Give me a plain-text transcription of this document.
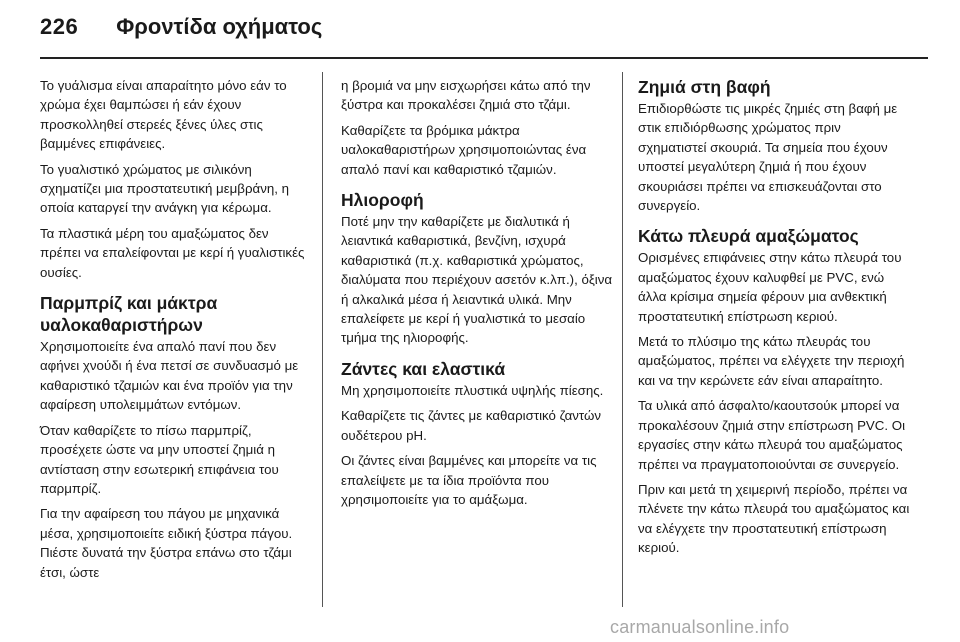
226 Φροντίδα οχήματος

Το γυάλισμα είναι απαραίτητο μόνο εάν το χρώμα έχει θαμπώσει ή εάν έχουν προσκολληθεί στερεές ξένες ύλες στις βαμμένες επιφάνειες.

Το γυαλιστικό χρώματος με σιλικόνη σχηματίζει μια προστατευτική μεμβράνη, η οποία καταργεί την ανάγκη για κέρωμα.

Τα πλαστικά μέρη του αμαξώματος δεν πρέπει να επαλείφονται με κερί ή γυαλιστικές ουσίες.

Παρμπρίζ και μάκτρα υαλοκαθαριστήρων

Χρησιμοποιείτε ένα απαλό πανί που δεν αφήνει χνούδι ή ένα πετσί σε συνδυασμό με καθαριστικό τζαμιών και ένα προϊόν για την αφαίρεση υπολειμμάτων εντόμων.

Όταν καθαρίζετε το πίσω παρμπρίζ, προσέχετε ώστε να μην υποστεί ζημιά η αντίσταση στην εσωτερική επιφάνεια του παρμπρίζ.

Για την αφαίρεση του πάγου με μηχανικά μέσα, χρησιμοποιείτε ειδική ξύστρα πάγου. Πιέστε δυνατά την ξύστρα επάνω στο τζάμι έτσι, ώστε

η βρομιά να μην εισχωρήσει κάτω από την ξύστρα και προκαλέσει ζημιά στο τζάμι.

Καθαρίζετε τα βρόμικα μάκτρα υαλοκαθαριστήρων χρησιμοποιώντας ένα απαλό πανί και καθαριστικό τζαμιών.

Ηλιοροφή

Ποτέ μην την καθαρίζετε με διαλυτικά ή λειαντικά καθαριστικά, βενζίνη, ισχυρά καθαριστικά (π.χ. καθαριστικά χρώματος, διαλύματα που περιέχουν ασετόν κ.λπ.), όξινα ή αλκαλικά μέσα ή λειαντικά υλικά. Μην επαλείφετε με κερί ή γυαλιστικά το μεσαίο τμήμα της ηλιοροφής.

Ζάντες και ελαστικά

Μη χρησιμοποιείτε πλυστικά υψηλής πίεσης.

Καθαρίζετε τις ζάντες με καθαριστικό ζαντών ουδέτερου pH.

Οι ζάντες είναι βαμμένες και μπορείτε να τις επαλείψετε με τα ίδια προϊόντα που χρησιμοποιείτε για το αμάξωμα.

Ζημιά στη βαφή

Επιδιορθώστε τις μικρές ζημιές στη βαφή με στικ επιδιόρθωσης χρώματος πριν σχηματιστεί σκουριά. Τα σημεία που έχουν υποστεί μεγαλύτερη ζημιά ή που έχουν σκουριάσει πρέπει να επισκευάζονται στο συνεργείο.

Κάτω πλευρά αμαξώματος

Ορισμένες επιφάνειες στην κάτω πλευρά του αμαξώματος έχουν καλυφθεί με PVC, ενώ άλλα κρίσιμα σημεία φέρουν μια ανθεκτική προστατευτική επίστρωση κεριού.

Μετά το πλύσιμο της κάτω πλευράς του αμαξώματος, πρέπει να ελέγχετε την περιοχή και να την κερώνετε εάν είναι απαραίτητο.

Τα υλικά από άσφαλτο/καουτσούκ μπορεί να προκαλέσουν ζημιά στην επίστρωση PVC. Οι εργασίες στην κάτω πλευρά του αμαξώματος πρέπει να πραγματοποιούνται σε συνεργείο.

Πριν και μετά τη χειμερινή περίοδο, πρέπει να πλένετε την κάτω πλευρά του αμαξώματος και να ελέγχετε την προστατευτική επίστρωση κεριού.

carmanualsonline.info
